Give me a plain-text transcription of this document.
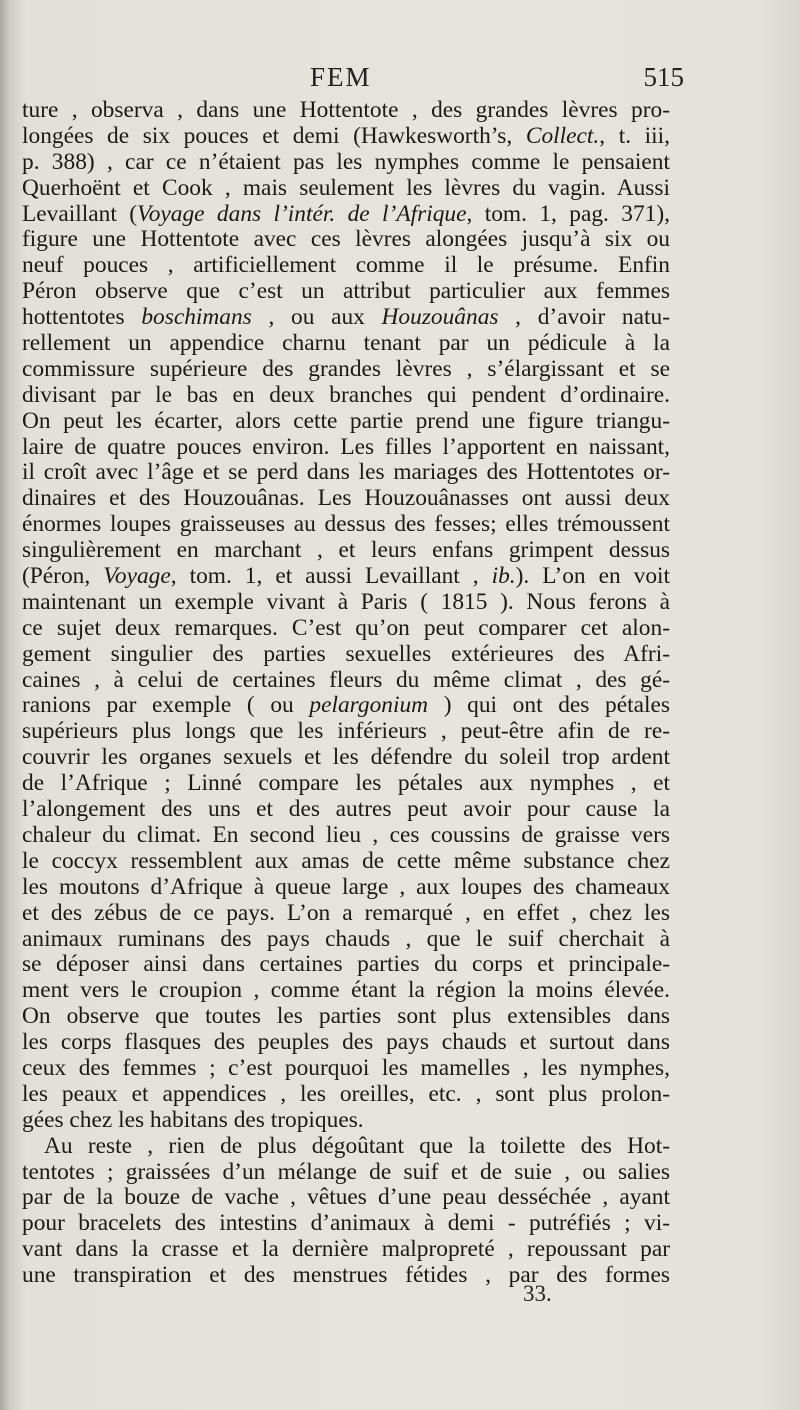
FEM	515
ture , observa , dans une Hottentote , des grandes lèvres pro-
longées de six pouces et demi (Hawkesworth’s, Collect., t. iii,
p. 388) , car ce n’étaient pas les nymphes comme le pensaient
Querhoënt et Cook , mais seulement les lèvres du vagin. Aussi
Levaillant (Voyage dans l’intér. de l’Afrique, tom. 1, pag. 371),
figure une Hottentote avec ces lèvres alongées jusqu’à six ou
neuf pouces , artificiellement comme il le présume. Enfin
Péron observe que c’est un attribut particulier aux femmes
hottentotes boschimans , ou aux Houzouânas , d’avoir natu-
rellement un appendice charnu tenant par un pédicule à la
commissure supérieure des grandes lèvres , s’élargissant et se
divisant par le bas en deux branches qui pendent d’ordinaire.
On peut les écarter, alors cette partie prend une figure triangu-
laire de quatre pouces environ. Les filles l’apportent en naissant,
il croît avec l’âge et se perd dans les mariages des Hottentotes or-
dinaires et des Houzouânas. Les Houzouânasses ont aussi deux
énormes loupes graisseuses au dessus des fesses; elles trémoussent
singulièrement en marchant , et leurs enfans grimpent dessus
(Péron, Voyage, tom. 1, et aussi Levaillant , ib.). L’on en voit
maintenant un exemple vivant à Paris ( 1815 ). Nous ferons à
ce sujet deux remarques. C’est qu’on peut comparer cet alon-
gement singulier des parties sexuelles extérieures des Afri-
caines , à celui de certaines fleurs du même climat , des gé-
ranions par exemple ( ou pelargonium ) qui ont des pétales
supérieurs plus longs que les inférieurs , peut-être afin de re-
couvrir les organes sexuels et les défendre du soleil trop ardent
de l’Afrique ; Linné compare les pétales aux nymphes , et
l’alongement des uns et des autres peut avoir pour cause la
chaleur du climat. En second lieu , ces coussins de graisse vers
le coccyx ressemblent aux amas de cette même substance chez
les moutons d’Afrique à queue large , aux loupes des chameaux
et des zébus de ce pays. L’on a remarqué , en effet , chez les
animaux ruminans des pays chauds , que le suif cherchait à
se déposer ainsi dans certaines parties du corps et principale-
ment vers le croupion , comme étant la région la moins élevée.
On observe que toutes les parties sont plus extensibles dans
les corps flasques des peuples des pays chauds et surtout dans
ceux des femmes ; c’est pourquoi les mamelles , les nymphes,
les peaux et appendices , les oreilles, etc. , sont plus prolon-
gées chez les habitans des tropiques.
Au reste , rien de plus dégoûtant que la toilette des Hot-
tentotes ; graissées d’un mélange de suif et de suie , ou salies
par de la bouze de vache , vêtues d’une peau desséchée , ayant
pour bracelets des intestins d’animaux à demi - putréfiés ; vi-
vant dans la crasse et la dernière malpropreté , repoussant par
une transpiration et des menstrues fétides , par des formes
33.
